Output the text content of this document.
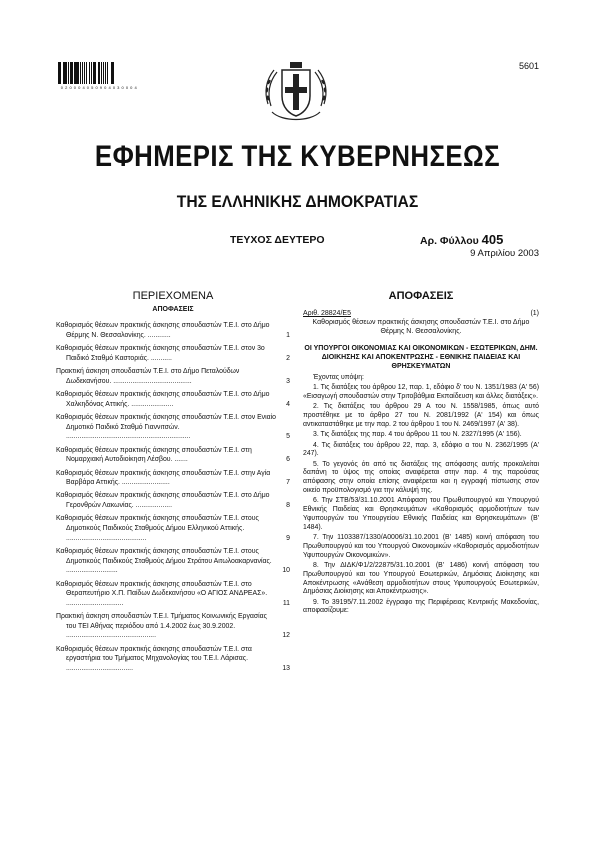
0 2 0 0 0 4 0 5 0 9 0 4 0 3 0 0 0 4
5601
ΕΦΗΜΕΡΙΣ ΤΗΣ ΚΥΒΕΡΝΗΣΕΩΣ
ΤΗΣ ΕΛΛΗΝΙΚΗΣ ΔΗΜΟΚΡΑΤΙΑΣ
ΤΕΥΧΟΣ ΔΕΥΤΕΡΟ	Αρ. Φύλλου 405
9 Απριλίου 2003
ΠΕΡΙΕΧΟΜΕΝΑ
ΑΠΟΦΑΣΕΙΣ
Καθορισμός θέσεων πρακτικής άσκησης σπουδαστών Τ.Ε.Ι. στο Δήμο Θέρμης Ν. Θεσσαλονίκης. ............	1
Καθορισμός θέσεων πρακτικής άσκησης σπουδαστών Τ.Ε.Ι. στον 3ο Παιδικό Σταθμό Καστοριάς. ...........	2
Πρακτική άσκηση σπουδαστών Τ.Ε.Ι. στο Δήμο Πεταλούδων Δωδεκανήσου. .........................................	3
Καθορισμός θέσεων πρακτικής άσκησης σπουδαστών Τ.Ε.Ι. στο Δήμο Χαλκηδόνας Αττικής. ......................	4
Καθορισμός θέσεων πρακτικής άσκησης σπουδαστών Τ.Ε.Ι. στον Ενιαίο Δημοτικό Παιδικό Σταθμό Γιαννιτσών. .................................................................	5
Καθορισμός θέσεων πρακτικής άσκησης σπουδαστών Τ.Ε.Ι. στη Νομαρχιακή Αυτοδιοίκηση Λέσβου. .......	6
Καθορισμός θέσεων πρακτικής άσκησης σπουδαστών Τ.Ε.Ι. στην Αγία Βαρβάρα Αττικής. .........................	7
Καθορισμός θέσεων πρακτικής άσκησης σπουδαστών Τ.Ε.Ι. στο Δήμο Γερονθρών Λακωνίας. ...................	8
Καθορισμός θέσεων πρακτικής άσκησης σπουδαστών Τ.Ε.Ι. στους Δημοτικούς Παιδικούς Σταθμούς Δήμου Ελληνικού Αττικής. ..........................................	9
Καθορισμός θέσεων πρακτικής άσκησης σπουδαστών Τ.Ε.Ι. στους Δημοτικούς Παιδικούς Σταθμούς Δήμου Στράτου Αιτωλοακαρνανίας. ...........................	10
Καθορισμός θέσεων πρακτικής άσκησης σπουδαστών Τ.Ε.Ι. στο Θεραπευτήριο Χ.Π. Παίδων Δωδεκανήσου «Ο ΑΓΙΟΣ ΑΝΔΡΕΑΣ». ..............................	11
Πρακτική άσκηση σπουδαστών Τ.Ε.Ι. Τμήματος Κοινωνικής Εργασίας του ΤΕΙ Αθήνας περιόδου από 1.4.2002 έως 30.9.2002. ...............................................	12
Καθορισμός θέσεων πρακτικής άσκησης σπουδαστών Τ.Ε.Ι. στα εργαστήρια του Τμήματος Μηχανολογίας του Τ.Ε.Ι. Λάρισας. ...................................	13
ΑΠΟΦΑΣΕΙΣ
Αριθ. 28824/Ε5	(1)
Καθορισμός θέσεων πρακτικής άσκησης σπουδαστών Τ.Ε.Ι. στο Δήμο Θέρμης Ν. Θεσσαλονίκης.
ΟΙ ΥΠΟΥΡΓΟΙ ΟΙΚΟΝΟΜΙΑΣ ΚΑΙ ΟΙΚΟΝΟΜΙΚΩΝ - ΕΣΩΤΕΡΙΚΩΝ, ΔΗΜ. ΔΙΟΙΚΗΣΗΣ ΚΑΙ ΑΠΟΚΕΝΤΡΩΣΗΣ - ΕΘΝΙΚΗΣ ΠΑΙΔΕΙΑΣ ΚΑΙ ΘΡΗΣΚΕΥΜΑΤΩΝ
Έχοντας υπόψη:
1. Τις διατάξεις του άρθρου 12, παρ. 1, εδάφιο δ' του Ν. 1351/1983 (Α' 56) «Εισαγωγή σπουδαστών στην Τριτοβάθμια Εκπαίδευση και άλλες διατάξεις».
2. Τις διατάξεις του άρθρου 29 Α του Ν. 1558/1985, όπως αυτό προστέθηκε με το άρθρο 27 του Ν. 2081/1992 (Α' 154) και όπως αντικαταστάθηκε με την παρ. 2 του άρθρου 1 του Ν. 2469/1997 (Α' 38).
3. Τις διατάξεις της παρ. 4 του άρθρου 11 του Ν. 2327/1995 (Α' 156).
4. Τις διατάξεις του άρθρου 22, παρ. 3, εδάφιο α του Ν. 2362/1995 (Α' 247).
5. Το γεγονός ότι από τις διατάξεις της απόφασης αυτής προκαλείται δαπάνη το ύψος της οποίας αναφέρεται στην παρ. 4 της παρούσας απόφασης στην οποία επίσης αναφέρεται και η εγγραφή πίστωσης στον οικείο προϋπολογισμό για την κάλυψή της.
6. Την ΣΤΒ/53/31.10.2001 Απόφαση του Πρωθυπουργού και Υπουργού Εθνικής Παιδείας και Θρησκευμάτων «Καθορισμός αρμοδιοτήτων των Υφυπουργών του Υπουργείου Εθνικής Παιδείας και Θρησκευμάτων» (Β' 1484).
7. Την 1103387/1330/Α0006/31.10.2001 (Β' 1485) κοινή απόφαση του Πρωθυπουργού και του Υπουργού Οικονομικών «Καθορισμός αρμοδιοτήτων Υφυπουργών Οικονομικών».
8. Την ΔΙΔΚ/Φ1/2/22875/31.10.2001 (Β' 1486) κοινή απόφαση του Πρωθυπουργού και του Υπουργού Εσωτερικών, Δημόσιας Διοίκησης και Αποκέντρωσης «Ανάθεση αρμοδιοτήτων στους Υφυπουργούς Εσωτερικών, Δημόσιας Διοίκησης και Αποκέντρωσης».
9. Το 39195/7.11.2002 έγγραφο της Περιφέρειας Κεντρικής Μακεδονίας, αποφασίζουμε:
